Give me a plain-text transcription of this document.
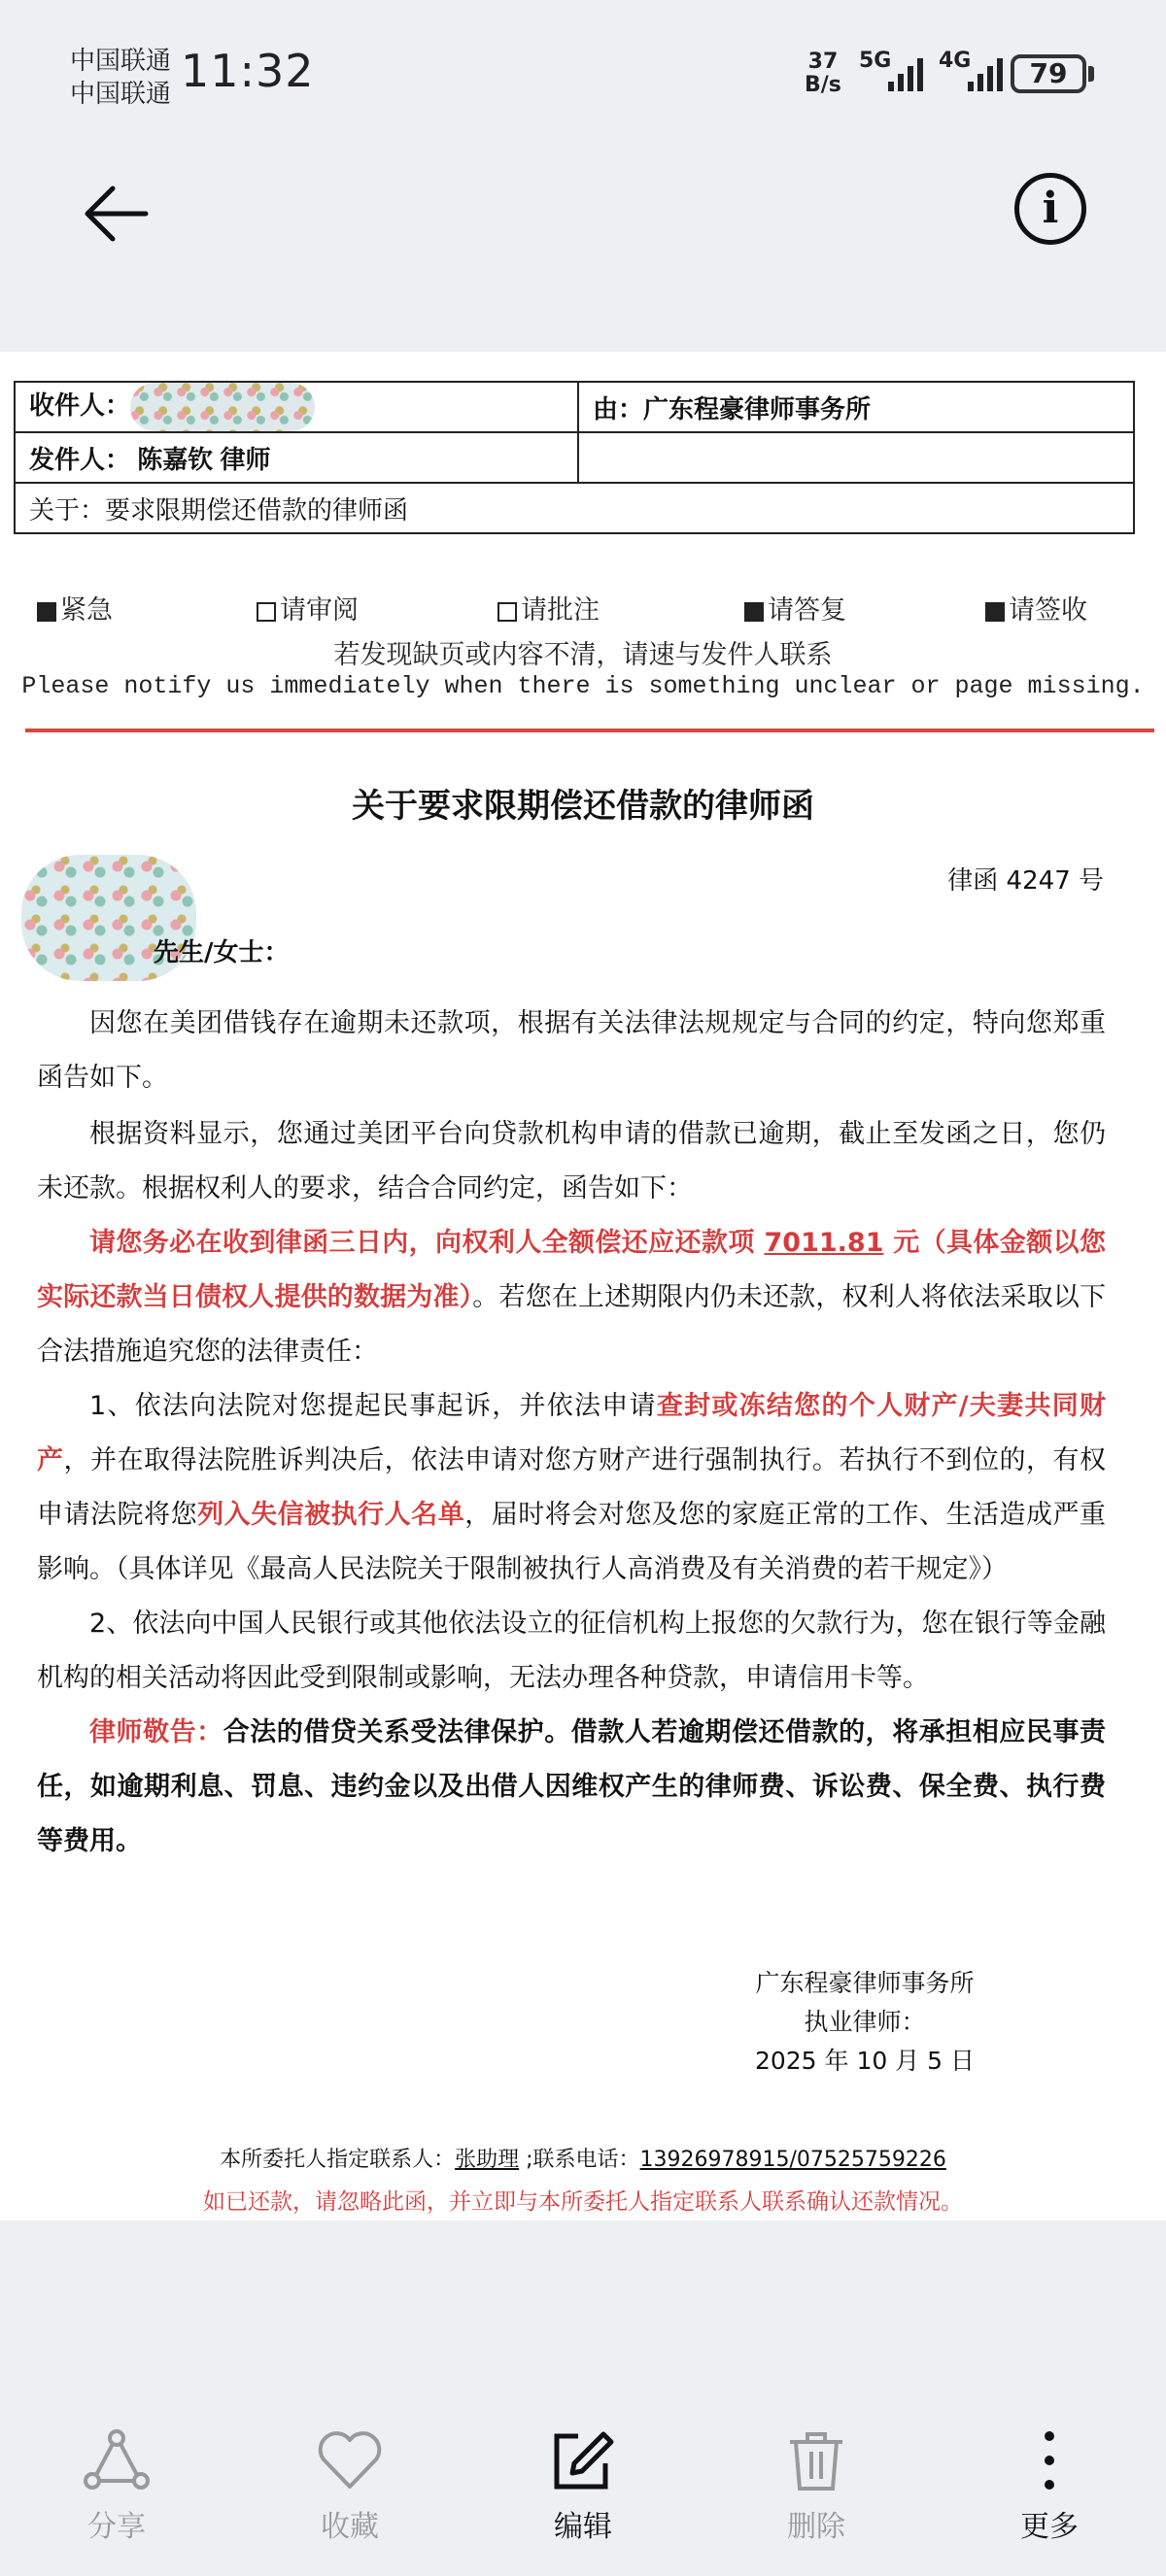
中国联通
中国联通 11:32	37
B/s
5G 4G	79
i
收件人：	由：广东程豪律师事务所
发件人： 陈嘉钦 律师	
关于：要求限期偿还借款的律师函	
紧急	请审阅	请批注	请答复	请签收
若发现缺页或内容不清，请速与发件人联系
Please notify us immediately when there is something unclear or page missing.
关于要求限期偿还借款的律师函
律函 4247 号
先生/女士：
因您在美团借钱存在逾期未还款项，根据有关法律法规规定与合同的约定，特向您郑重函告如下。
根据资料显示，您通过美团平台向贷款机构申请的借款已逾期，截止至发函之日，您仍未还款。根据权利人的要求，结合合同约定，函告如下：
请您务必在收到律函三日内，向权利人全额偿还应还款项 7011.81 元（具体金额以您实际还款当日债权人提供的数据为准）。若您在上述期限内仍未还款，权利人将依法采取以下合法措施追究您的法律责任：
1、依法向法院对您提起民事起诉，并依法申请查封或冻结您的个人财产/夫妻共同财产，并在取得法院胜诉判决后，依法申请对您方财产进行强制执行。若执行不到位的，有权申请法院将您列入失信被执行人名单，届时将会对您及您的家庭正常的工作、生活造成严重影响。（具体详见《最高人民法院关于限制被执行人高消费及有关消费的若干规定》）
2、依法向中国人民银行或其他依法设立的征信机构上报您的欠款行为，您在银行等金融机构的相关活动将因此受到限制或影响，无法办理各种贷款，申请信用卡等。
律师敬告：合法的借贷关系受法律保护。借款人若逾期偿还借款的，将承担相应民事责任，如逾期利息、罚息、违约金以及出借人因维权产生的律师费、诉讼费、保全费、执行费等费用。
广东程豪律师事务所
执业律师：
2025 年 10 月 5 日
本所委托人指定联系人：张助理 ;联系电话：13926978915/07525759226
如已还款，请忽略此函，并立即与本所委托人指定联系人联系确认还款情况。
分享	收藏	编辑	删除	更多
